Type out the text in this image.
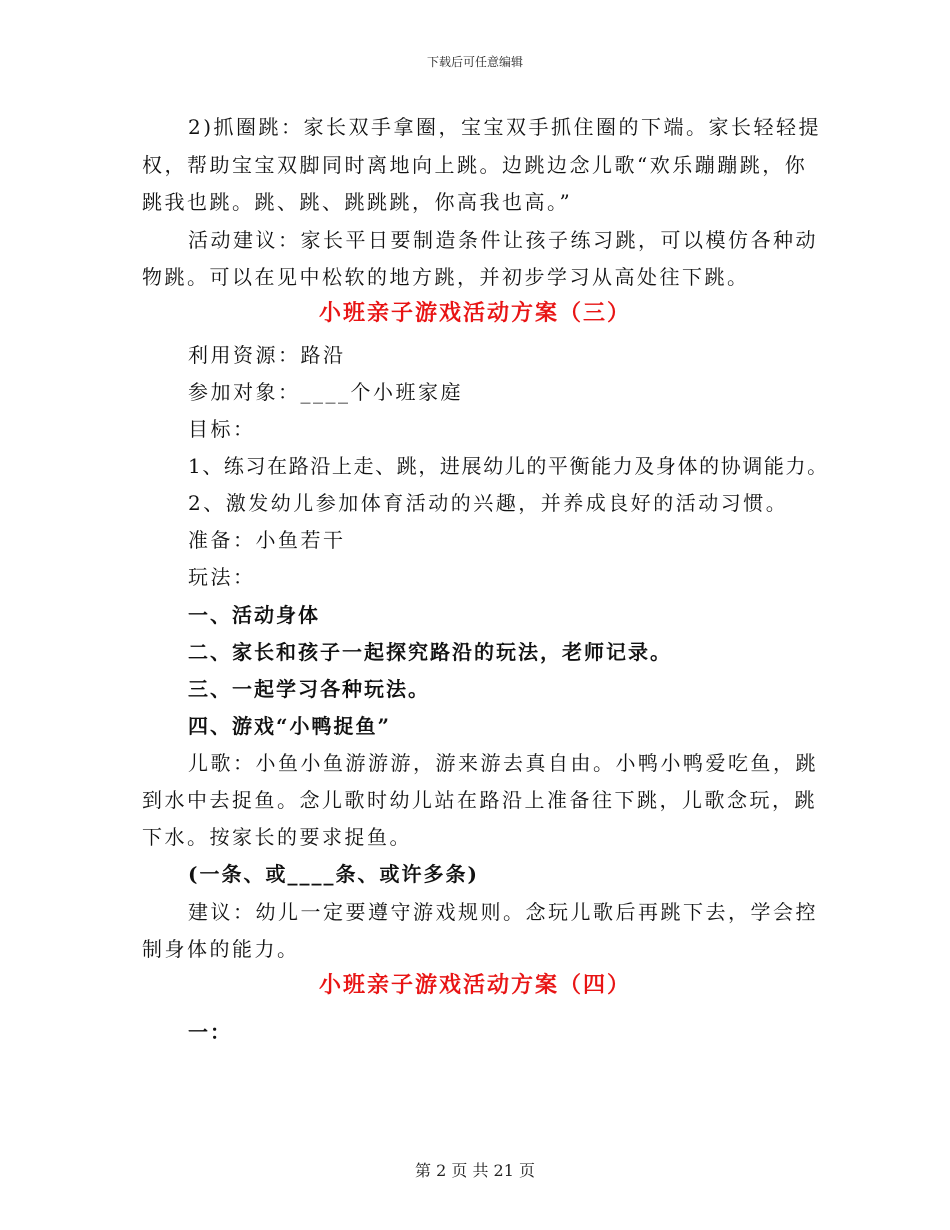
下载后可任意编辑
2)抓圈跳：家长双手拿圈，宝宝双手抓住圈的下端。家长轻轻提
权，帮助宝宝双脚同时离地向上跳。边跳边念儿歌“欢乐蹦蹦跳，你
跳我也跳。跳、跳、跳跳跳，你高我也高。”
活动建议：家长平日要制造条件让孩子练习跳，可以模仿各种动
物跳。可以在见中松软的地方跳，并初步学习从高处往下跳。
小班亲子游戏活动方案（三）
利用资源：路沿
参加对象：____个小班家庭
目标：
1、练习在路沿上走、跳，进展幼儿的平衡能力及身体的协调能力。
2、激发幼儿参加体育活动的兴趣，并养成良好的活动习惯。
准备：小鱼若干
玩法：
一、活动身体
二、家长和孩子一起探究路沿的玩法，老师记录。
三、一起学习各种玩法。
四、游戏“小鸭捉鱼”
儿歌：小鱼小鱼游游游，游来游去真自由。小鸭小鸭爱吃鱼，跳
到水中去捉鱼。念儿歌时幼儿站在路沿上准备往下跳，儿歌念玩，跳
下水。按家长的要求捉鱼。
(一条、或____条、或许多条)
建议：幼儿一定要遵守游戏规则。念玩儿歌后再跳下去，学会控
制身体的能力。
小班亲子游戏活动方案（四）
一：
第 2 页 共 21 页
